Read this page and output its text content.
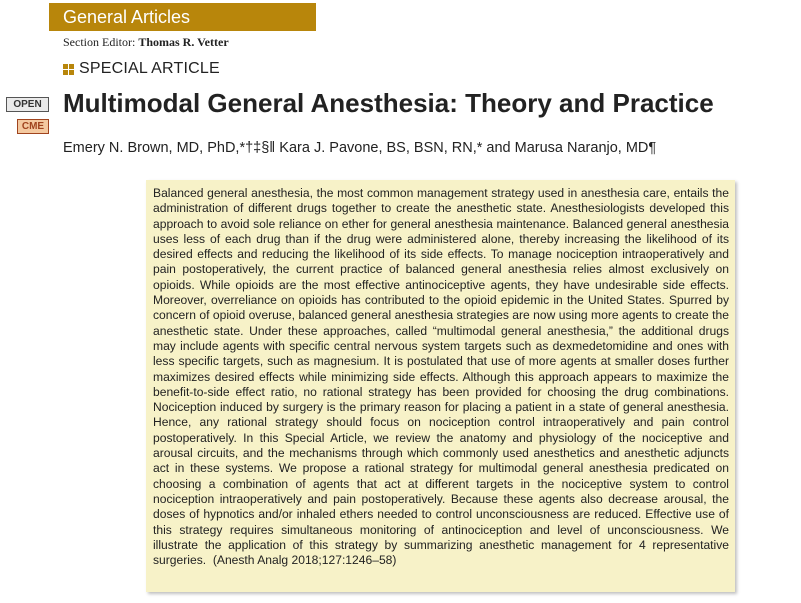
General Articles
Section Editor: Thomas R. Vetter
SPECIAL ARTICLE
OPEN
CME
Multimodal General Anesthesia: Theory and Practice
Emery N. Brown, MD, PhD,*†‡§‖ Kara J. Pavone, BS, BSN, RN,* and Marusa Naranjo, MD¶
Balanced general anesthesia, the most common management strategy used in anesthesia care, entails the administration of different drugs together to create the anesthetic state. Anesthesiologists developed this approach to avoid sole reliance on ether for general anesthesia maintenance. Balanced general anesthesia uses less of each drug than if the drug were administered alone, thereby increasing the likelihood of its desired effects and reducing the likelihood of its side effects. To manage nociception intraoperatively and pain postoperatively, the current practice of balanced general anesthesia relies almost exclusively on opioids. While opioids are the most effective antinociceptive agents, they have undesirable side effects. Moreover, overreliance on opioids has contributed to the opioid epidemic in the United States. Spurred by concern of opioid overuse, balanced general anesthesia strategies are now using more agents to create the anesthetic state. Under these approaches, called “multimodal general anesthesia,” the additional drugs may include agents with specific central nervous system targets such as dexmedetomidine and ones with less specific targets, such as magnesium. It is postulated that use of more agents at smaller doses further maximizes desired effects while minimizing side effects. Although this approach appears to maximize the benefit-to-side effect ratio, no rational strategy has been provided for choosing the drug combinations. Nociception induced by surgery is the primary reason for placing a patient in a state of general anesthesia. Hence, any rational strategy should focus on nociception control intraoperatively and pain control postoperatively. In this Special Article, we review the anatomy and physiology of the nociceptive and arousal circuits, and the mechanisms through which commonly used anesthetics and anesthetic adjuncts act in these systems. We propose a rational strategy for multimodal general anesthesia predicated on choosing a combination of agents that act at different targets in the nociceptive system to control nociception intraoperatively and pain postoperatively. Because these agents also decrease arousal, the doses of hypnotics and/or inhaled ethers needed to control unconsciousness are reduced. Effective use of this strategy requires simultaneous monitoring of antinociception and level of unconsciousness. We illustrate the application of this strategy by summarizing anesthetic management for 4 representative surgeries. (Anesth Analg 2018;127:1246–58)
